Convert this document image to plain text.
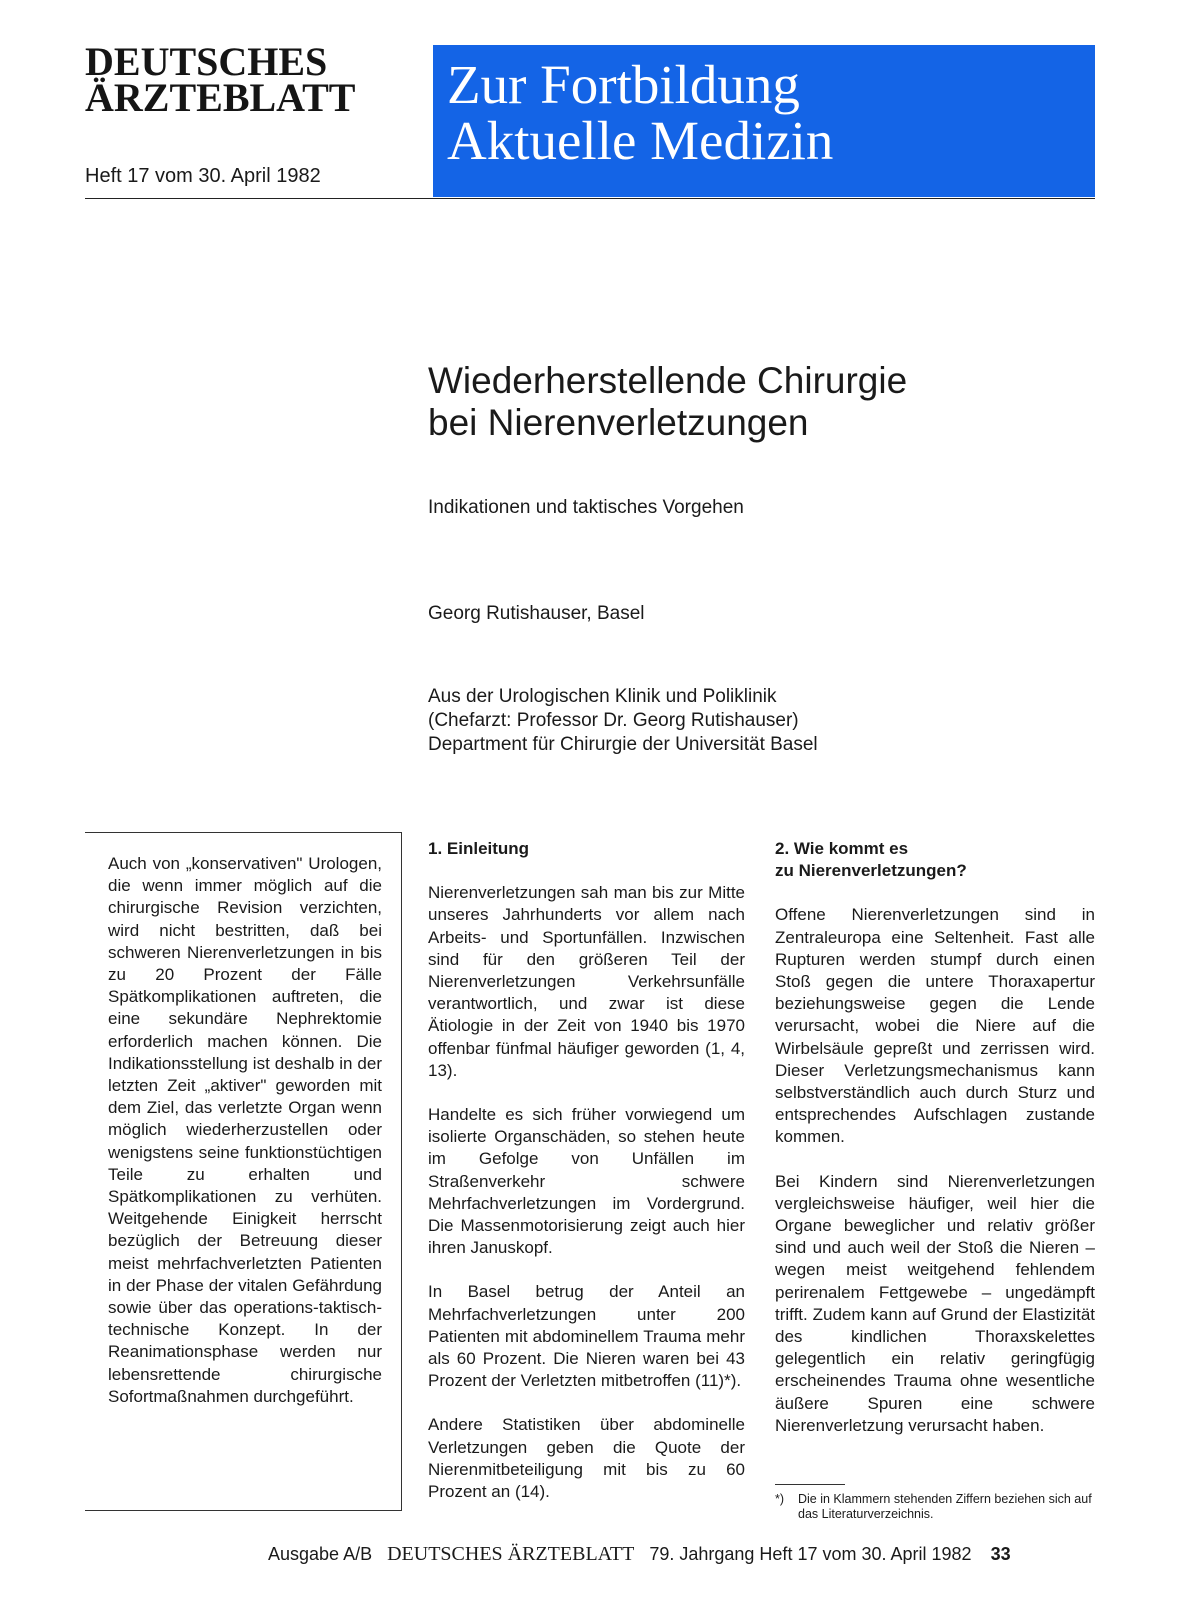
DEUTSCHES
ÄRZTEBLATT
Heft 17 vom 30. April 1982
Zur Fortbildung
Aktuelle Medizin
Wiederherstellende Chirurgie
bei Nierenverletzungen
Indikationen und taktisches Vorgehen
Georg Rutishauser, Basel
Aus der Urologischen Klinik und Poliklinik
(Chefarzt: Professor Dr. Georg Rutishauser)
Department für Chirurgie der Universität Basel
Auch von „konservativen" Urologen, die wenn immer möglich auf die chirurgische Revision verzichten, wird nicht bestritten, daß bei schweren Nierenverletzungen in bis zu 20 Prozent der Fälle Spätkomplikationen auftreten, die eine sekundäre Nephrektomie erforderlich machen können. Die Indikationsstellung ist deshalb in der letzten Zeit „aktiver" geworden mit dem Ziel, das verletzte Organ wenn möglich wiederherzustellen oder wenigstens seine funktionstüchtigen Teile zu erhalten und Spätkomplikationen zu verhüten. Weitgehende Einigkeit herrscht bezüglich der Betreuung dieser meist mehrfachverletzten Patienten in der Phase der vitalen Gefährdung sowie über das operations-taktisch-technische Konzept. In der Reanimationsphase werden nur lebensrettende chirurgische Sofortmaßnahmen durchgeführt.
1. Einleitung

Nierenverletzungen sah man bis zur Mitte unseres Jahrhunderts vor allem nach Arbeits- und Sportunfällen. Inzwischen sind für den größeren Teil der Nierenverletzungen Verkehrsunfälle verantwortlich, und zwar ist diese Ätiologie in der Zeit von 1940 bis 1970 offenbar fünfmal häufiger geworden (1, 4, 13).

Handelte es sich früher vorwiegend um isolierte Organschäden, so stehen heute im Gefolge von Unfällen im Straßenverkehr schwere Mehrfachverletzungen im Vordergrund. Die Massenmotorisierung zeigt auch hier ihren Januskopf.

In Basel betrug der Anteil an Mehrfachverletzungen unter 200 Patienten mit abdominellem Trauma mehr als 60 Prozent. Die Nieren waren bei 43 Prozent der Verletzten mitbetroffen (11)*).

Andere Statistiken über abdominelle Verletzungen geben die Quote der Nierenmitbeteiligung mit bis zu 60 Prozent an (14).

2. Wie kommt es
zu Nierenverletzungen?

Offene Nierenverletzungen sind in Zentraleuropa eine Seltenheit. Fast alle Rupturen werden stumpf durch einen Stoß gegen die untere Thoraxapertur beziehungsweise gegen die Lende verursacht, wobei die Niere auf die Wirbelsäule gepreßt und zerrissen wird. Dieser Verletzungsmechanismus kann selbstverständlich auch durch Sturz und entsprechendes Aufschlagen zustande kommen.

Bei Kindern sind Nierenverletzungen vergleichsweise häufiger, weil hier die Organe beweglicher und relativ größer sind und auch weil der Stoß die Nieren – wegen meist weitgehend fehlendem perirenalem Fettgewebe – ungedämpft trifft. Zudem kann auf Grund der Elastizität des kindlichen Thoraxskelettes gelegentlich ein relativ geringfügig erscheinendes Trauma ohne wesentliche äußere Spuren eine schwere Nierenverletzung verursacht haben.

*)	Die in Klammern stehenden Ziffern beziehen sich auf das Literaturverzeichnis.
Ausgabe A/B DEUTSCHES ÄRZTEBLATT 79. Jahrgang Heft 17 vom 30. April 1982 33
